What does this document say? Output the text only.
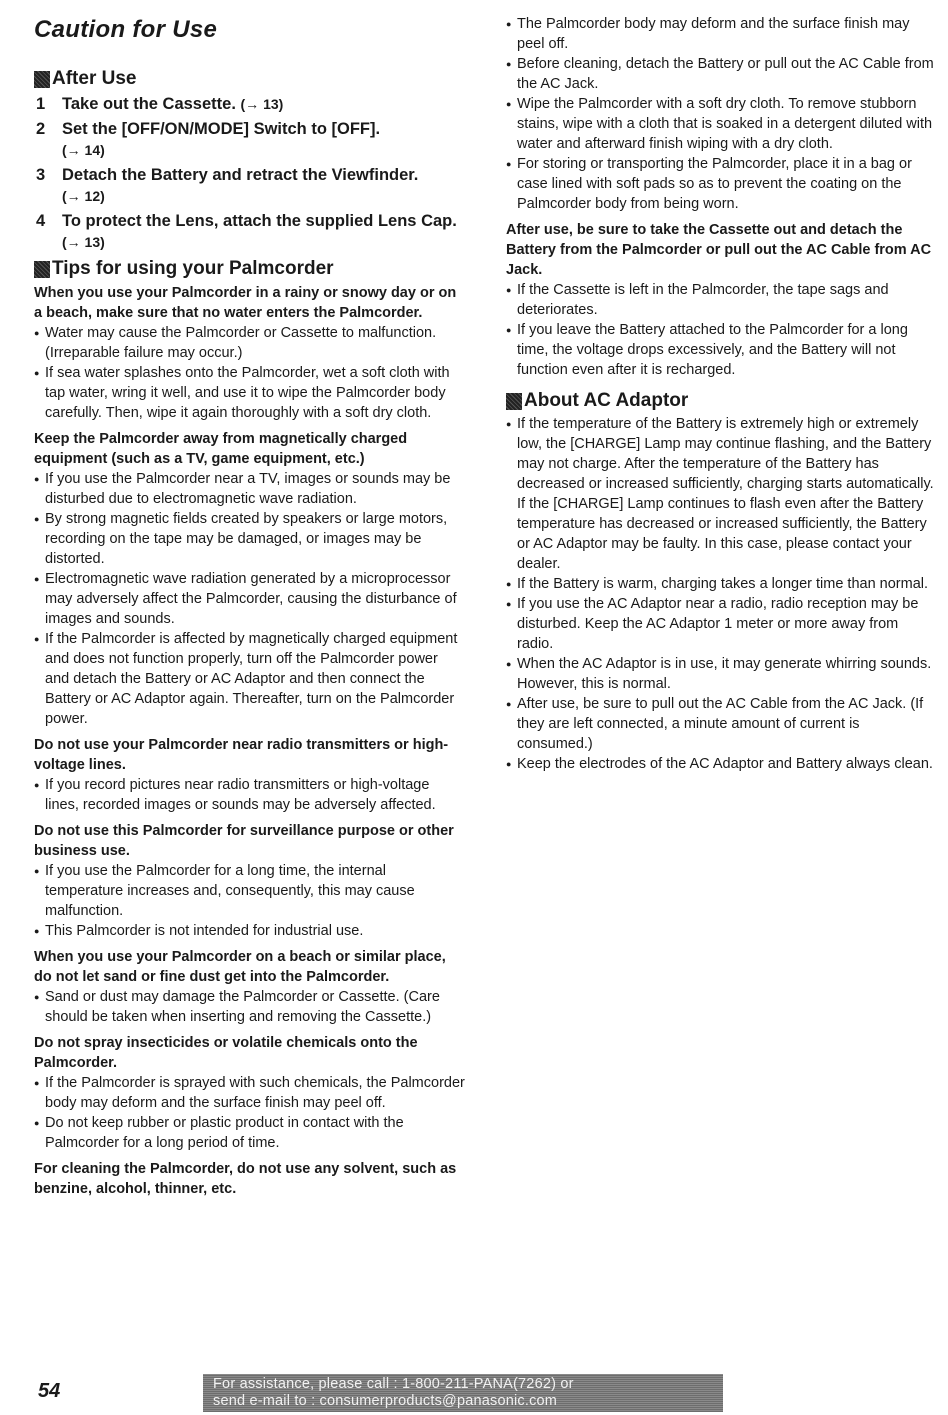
Caution for Use
After Use
1	Take out the Cassette. (→ 13)
2	Set the [OFF/ON/MODE] Switch to [OFF].
(→ 14)
3	Detach the Battery and retract the Viewfinder.
(→ 12)
4	To protect the Lens, attach the supplied Lens Cap. (→ 13)
Tips for using your Palmcorder

When you use your Palmcorder in a rainy or snowy day or on a beach, make sure that no water enters the Palmcorder.

● Water may cause the Palmcorder or Cassette to malfunction. (Irreparable failure may occur.)
● If sea water splashes onto the Palmcorder, wet a soft cloth with tap water, wring it well, and use it to wipe the Palmcorder body carefully. Then, wipe it again thoroughly with a soft dry cloth.

Keep the Palmcorder away from magnetically charged equipment (such as a TV, game equipment, etc.)

● If you use the Palmcorder near a TV, images or sounds may be disturbed due to electromagnetic wave radiation.
● By strong magnetic fields created by speakers or large motors, recording on the tape may be damaged, or images may be distorted.
● Electromagnetic wave radiation generated by a microprocessor may adversely affect the Palmcorder, causing the disturbance of images and sounds.
● If the Palmcorder is affected by magnetically charged equipment and does not function properly, turn off the Palmcorder power and detach the Battery or AC Adaptor and then connect the Battery or AC Adaptor again. Thereafter, turn on the Palmcorder power.

Do not use your Palmcorder near radio transmitters or high-voltage lines.

● If you record pictures near radio transmitters or high-voltage lines, recorded images or sounds may be adversely affected.

Do not use this Palmcorder for surveillance purpose or other business use.

● If you use the Palmcorder for a long time, the internal temperature increases and, consequently, this may cause malfunction.
● This Palmcorder is not intended for industrial use.

When you use your Palmcorder on a beach or similar place, do not let sand or fine dust get into the Palmcorder.

● Sand or dust may damage the Palmcorder or Cassette. (Care should be taken when inserting and removing the Cassette.)

Do not spray insecticides or volatile chemicals onto the Palmcorder.

● If the Palmcorder is sprayed with such chemicals, the Palmcorder body may deform and the surface finish may peel off.
● Do not keep rubber or plastic product in contact with the Palmcorder for a long period of time.

For cleaning the Palmcorder, do not use any solvent, such as benzine, alcohol, thinner, etc.

● The Palmcorder body may deform and the surface finish may peel off.
● Before cleaning, detach the Battery or pull out the AC Cable from the AC Jack.
● Wipe the Palmcorder with a soft dry cloth. To remove stubborn stains, wipe with a cloth that is soaked in a detergent diluted with water and afterward finish wiping with a dry cloth.
● For storing or transporting the Palmcorder, place it in a bag or case lined with soft pads so as to prevent the coating on the Palmcorder body from being worn.

After use, be sure to take the Cassette out and detach the Battery from the Palmcorder or pull out the AC Cable from AC Jack.

● If the Cassette is left in the Palmcorder, the tape sags and deteriorates.
● If you leave the Battery attached to the Palmcorder for a long time, the voltage drops excessively, and the Battery will not function even after it is recharged.
About AC Adaptor
● If the temperature of the Battery is extremely high or extremely low, the [CHARGE] Lamp may continue flashing, and the Battery may not charge. After the temperature of the Battery has decreased or increased sufficiently, charging starts automatically. If the [CHARGE] Lamp continues to flash even after the Battery temperature has decreased or increased sufficiently, the Battery or AC Adaptor may be faulty. In this case, please contact your dealer.
● If the Battery is warm, charging takes a longer time than normal.
● If you use the AC Adaptor near a radio, radio reception may be disturbed. Keep the AC Adaptor 1 meter or more away from radio.
● When the AC Adaptor is in use, it may generate whirring sounds. However, this is normal.
● After use, be sure to pull out the AC Cable from the AC Jack. (If they are left connected, a minute amount of current is consumed.)
● Keep the electrodes of the AC Adaptor and Battery always clean.
54	For assistance, please call : 1-800-211-PANA(7262) or
send e-mail to : consumerproducts@panasonic.com
